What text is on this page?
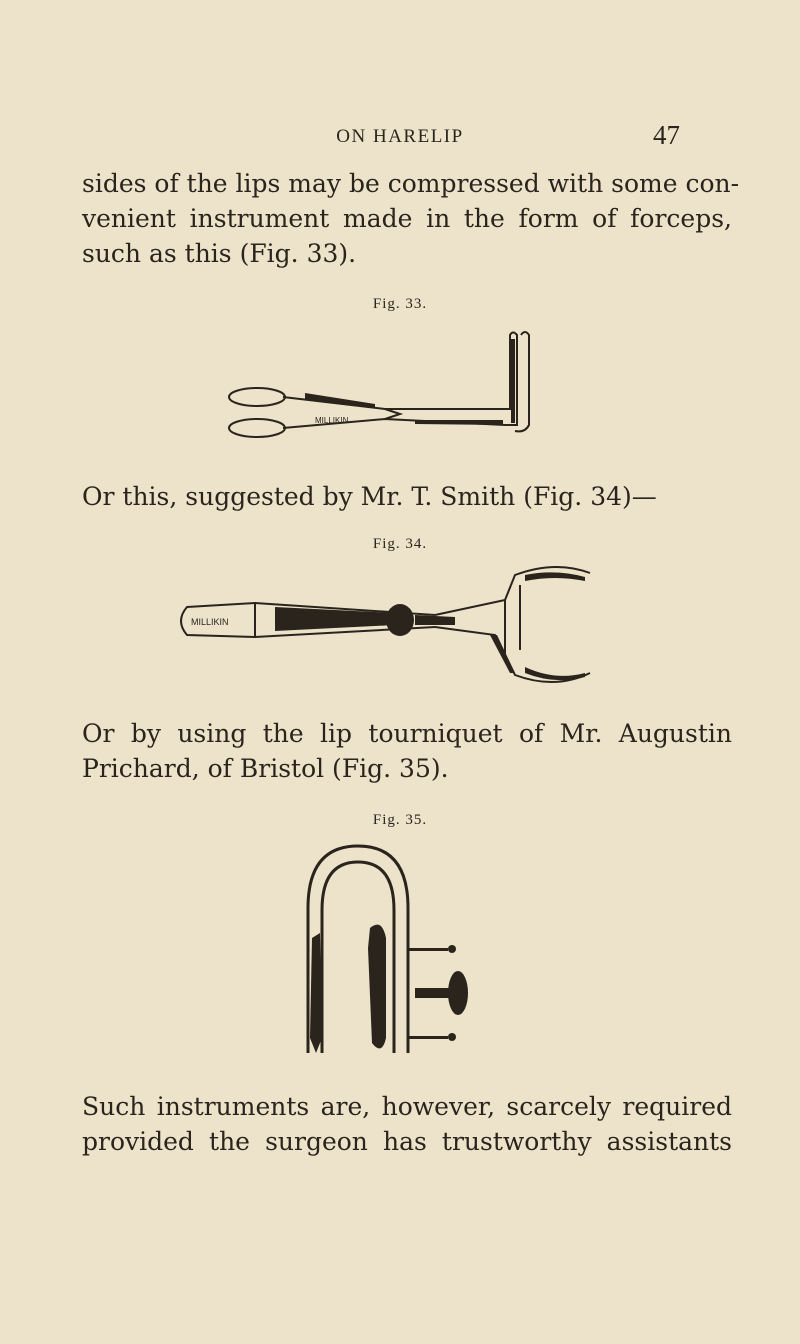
ON HARELIP	47
sides of the lips may be compressed with some con-
venient instrument made in the form of forceps,
such as this (Fig. 33).
Fig. 33.
MILLIKIN
Or this, suggested by Mr. T. Smith (Fig. 34)—
Fig. 34.
MILLIKIN
Or by using the lip tourniquet of Mr. Augustin
Prichard, of Bristol (Fig. 35).
Fig. 35.
Such instruments are, however, scarcely required
provided the surgeon has trustworthy assistants
